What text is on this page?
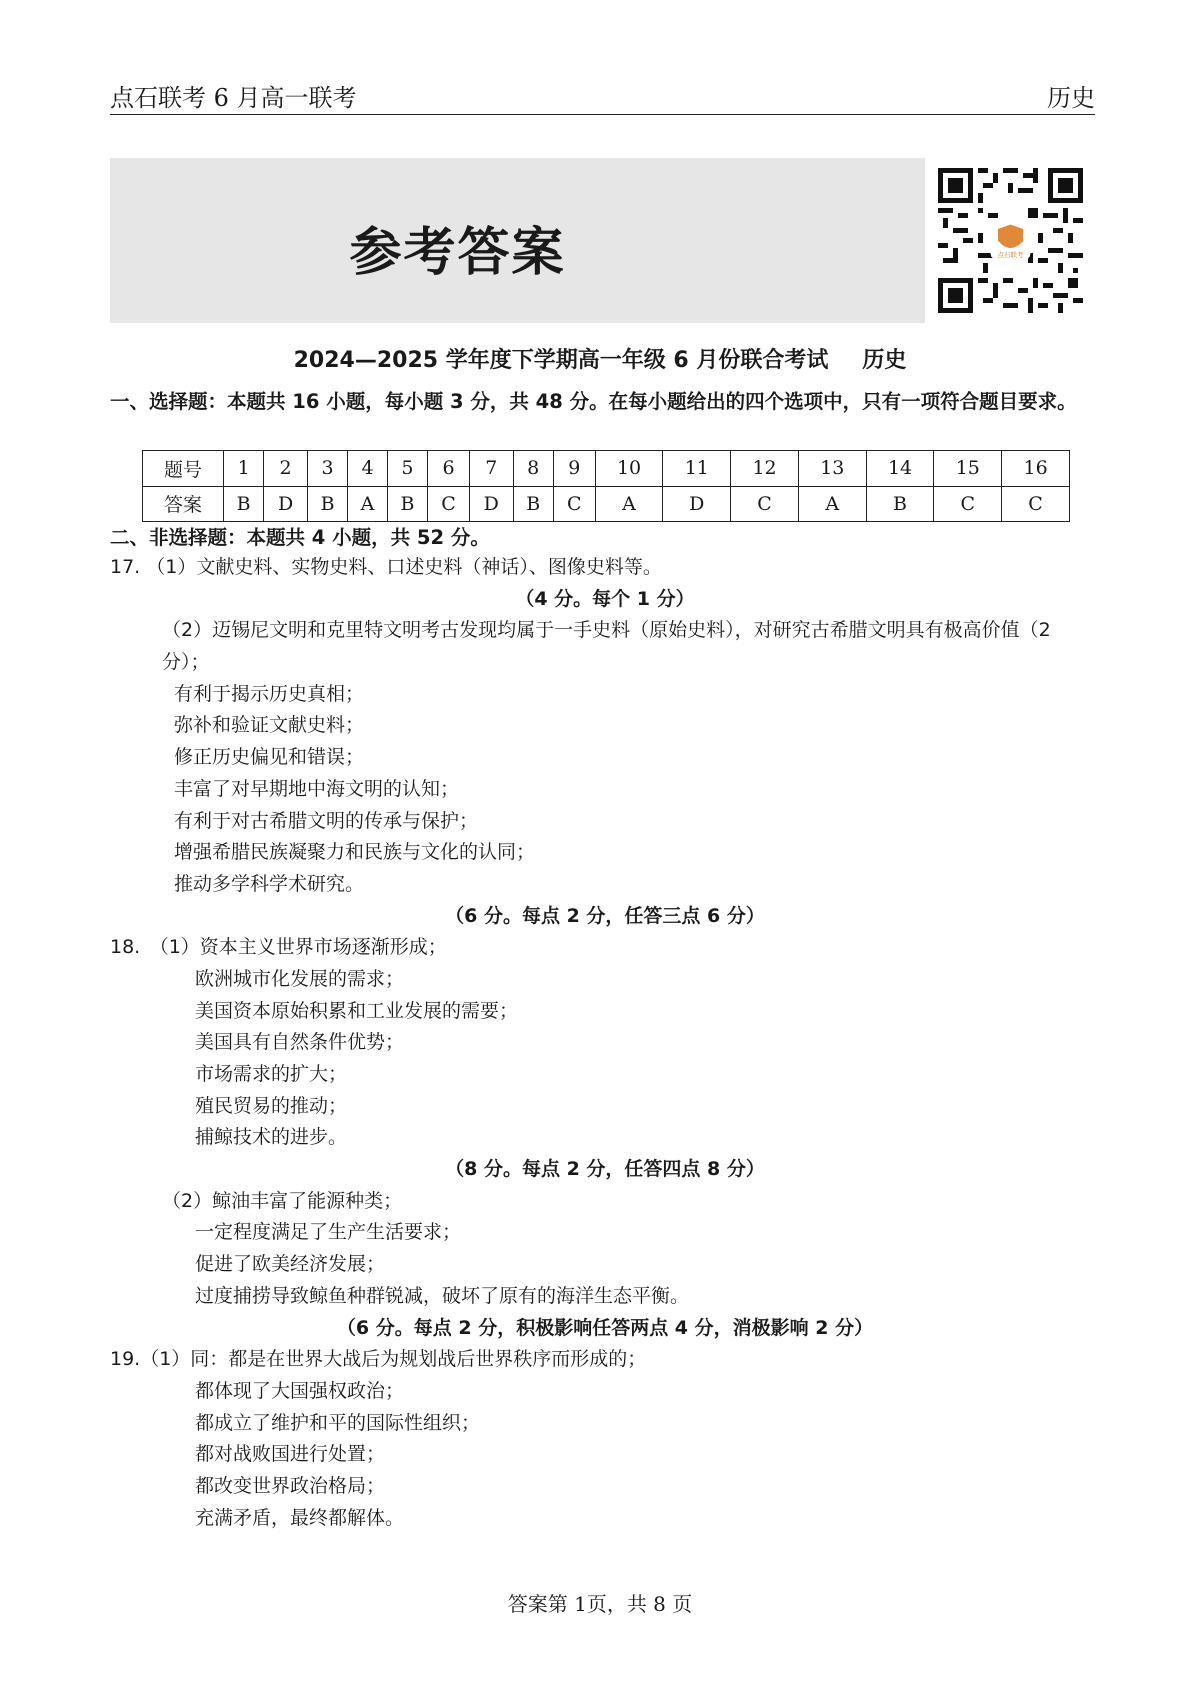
点石联考 6 月高一联考	历史
参考答案	点石联考
2024—2025 学年度下学期高一年级 6 月份联合考试 历史
一、选择题：本题共 16 小题，每小题 3 分，共 48 分。在每小题给出的四个选项中，只有一项符合题目要求。
题号	1	2	3	4	5	6	7	8	9	10	11	12	13	14	15	16
答案	B	D	B	A	B	C	D	B	C	A	D	C	A	B	C	C
二、非选择题：本题共 4 小题，共 52 分。
17. （1）文献史料、实物史料、口述史料（神话）、图像史料等。
（4 分。每个 1 分）
（2）迈锡尼文明和克里特文明考古发现均属于一手史料（原始史料），对研究古希腊文明具有极高价值（2 分）；
有利于揭示历史真相；
弥补和验证文献史料；
修正历史偏见和错误；
丰富了对早期地中海文明的认知；
有利于对古希腊文明的传承与保护；
增强希腊民族凝聚力和民族与文化的认同；
推动多学科学术研究。
（6 分。每点 2 分，任答三点 6 分）
18.　（1）资本主义世界市场逐渐形成；
欧洲城市化发展的需求；
美国资本原始积累和工业发展的需要；
美国具有自然条件优势；
市场需求的扩大；
殖民贸易的推动；
捕鲸技术的进步。
（8 分。每点 2 分，任答四点 8 分）
（2）鲸油丰富了能源种类；
一定程度满足了生产生活要求；
促进了欧美经济发展；
过度捕捞导致鲸鱼种群锐减，破坏了原有的海洋生态平衡。
（6 分。每点 2 分，积极影响任答两点 4 分，消极影响 2 分）
19.（1）同：都是在世界大战后为规划战后世界秩序而形成的；
都体现了大国强权政治；
都成立了维护和平的国际性组织；
都对战败国进行处置；
都改变世界政治格局；
充满矛盾，最终都解体。
答案第 1页，共 8 页
